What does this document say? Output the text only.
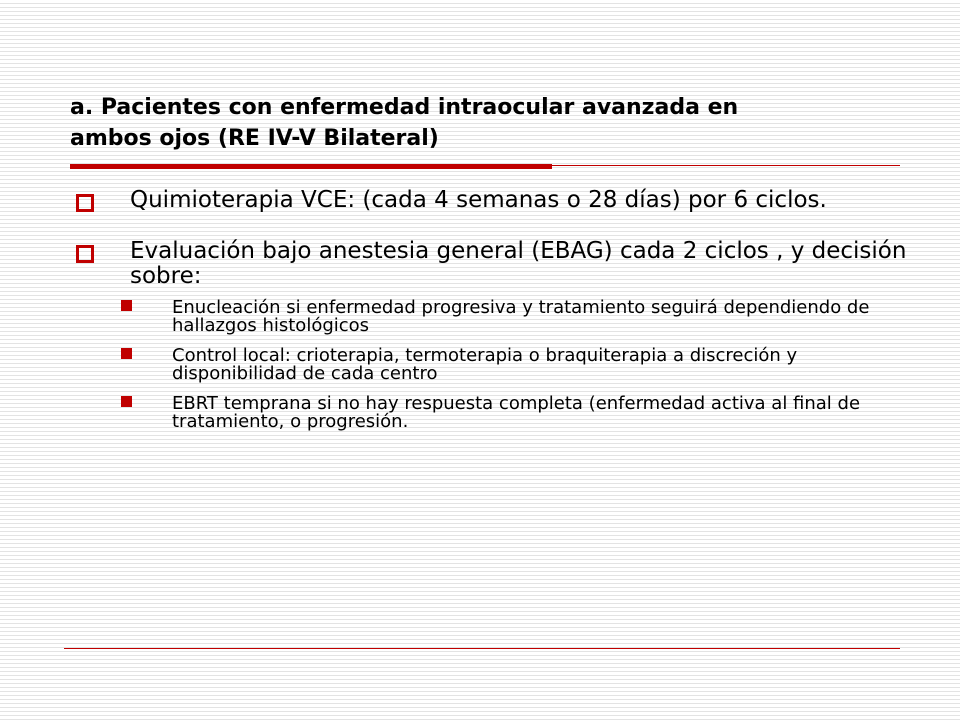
a. Pacientes con enfermedad intraocular avanzada en
ambos ojos (RE IV-V Bilateral)
Quimioterapia VCE: (cada 4 semanas o 28 días) por 6 ciclos.
Evaluación bajo anestesia general (EBAG) cada 2 ciclos , y decisión sobre:
Enucleación si enfermedad progresiva y tratamiento seguirá dependiendo de hallazgos histológicos
Control local: crioterapia, termoterapia o braquiterapia a discreción y disponibilidad de cada centro
EBRT temprana si no hay respuesta completa (enfermedad activa al final de tratamiento, o progresión.
